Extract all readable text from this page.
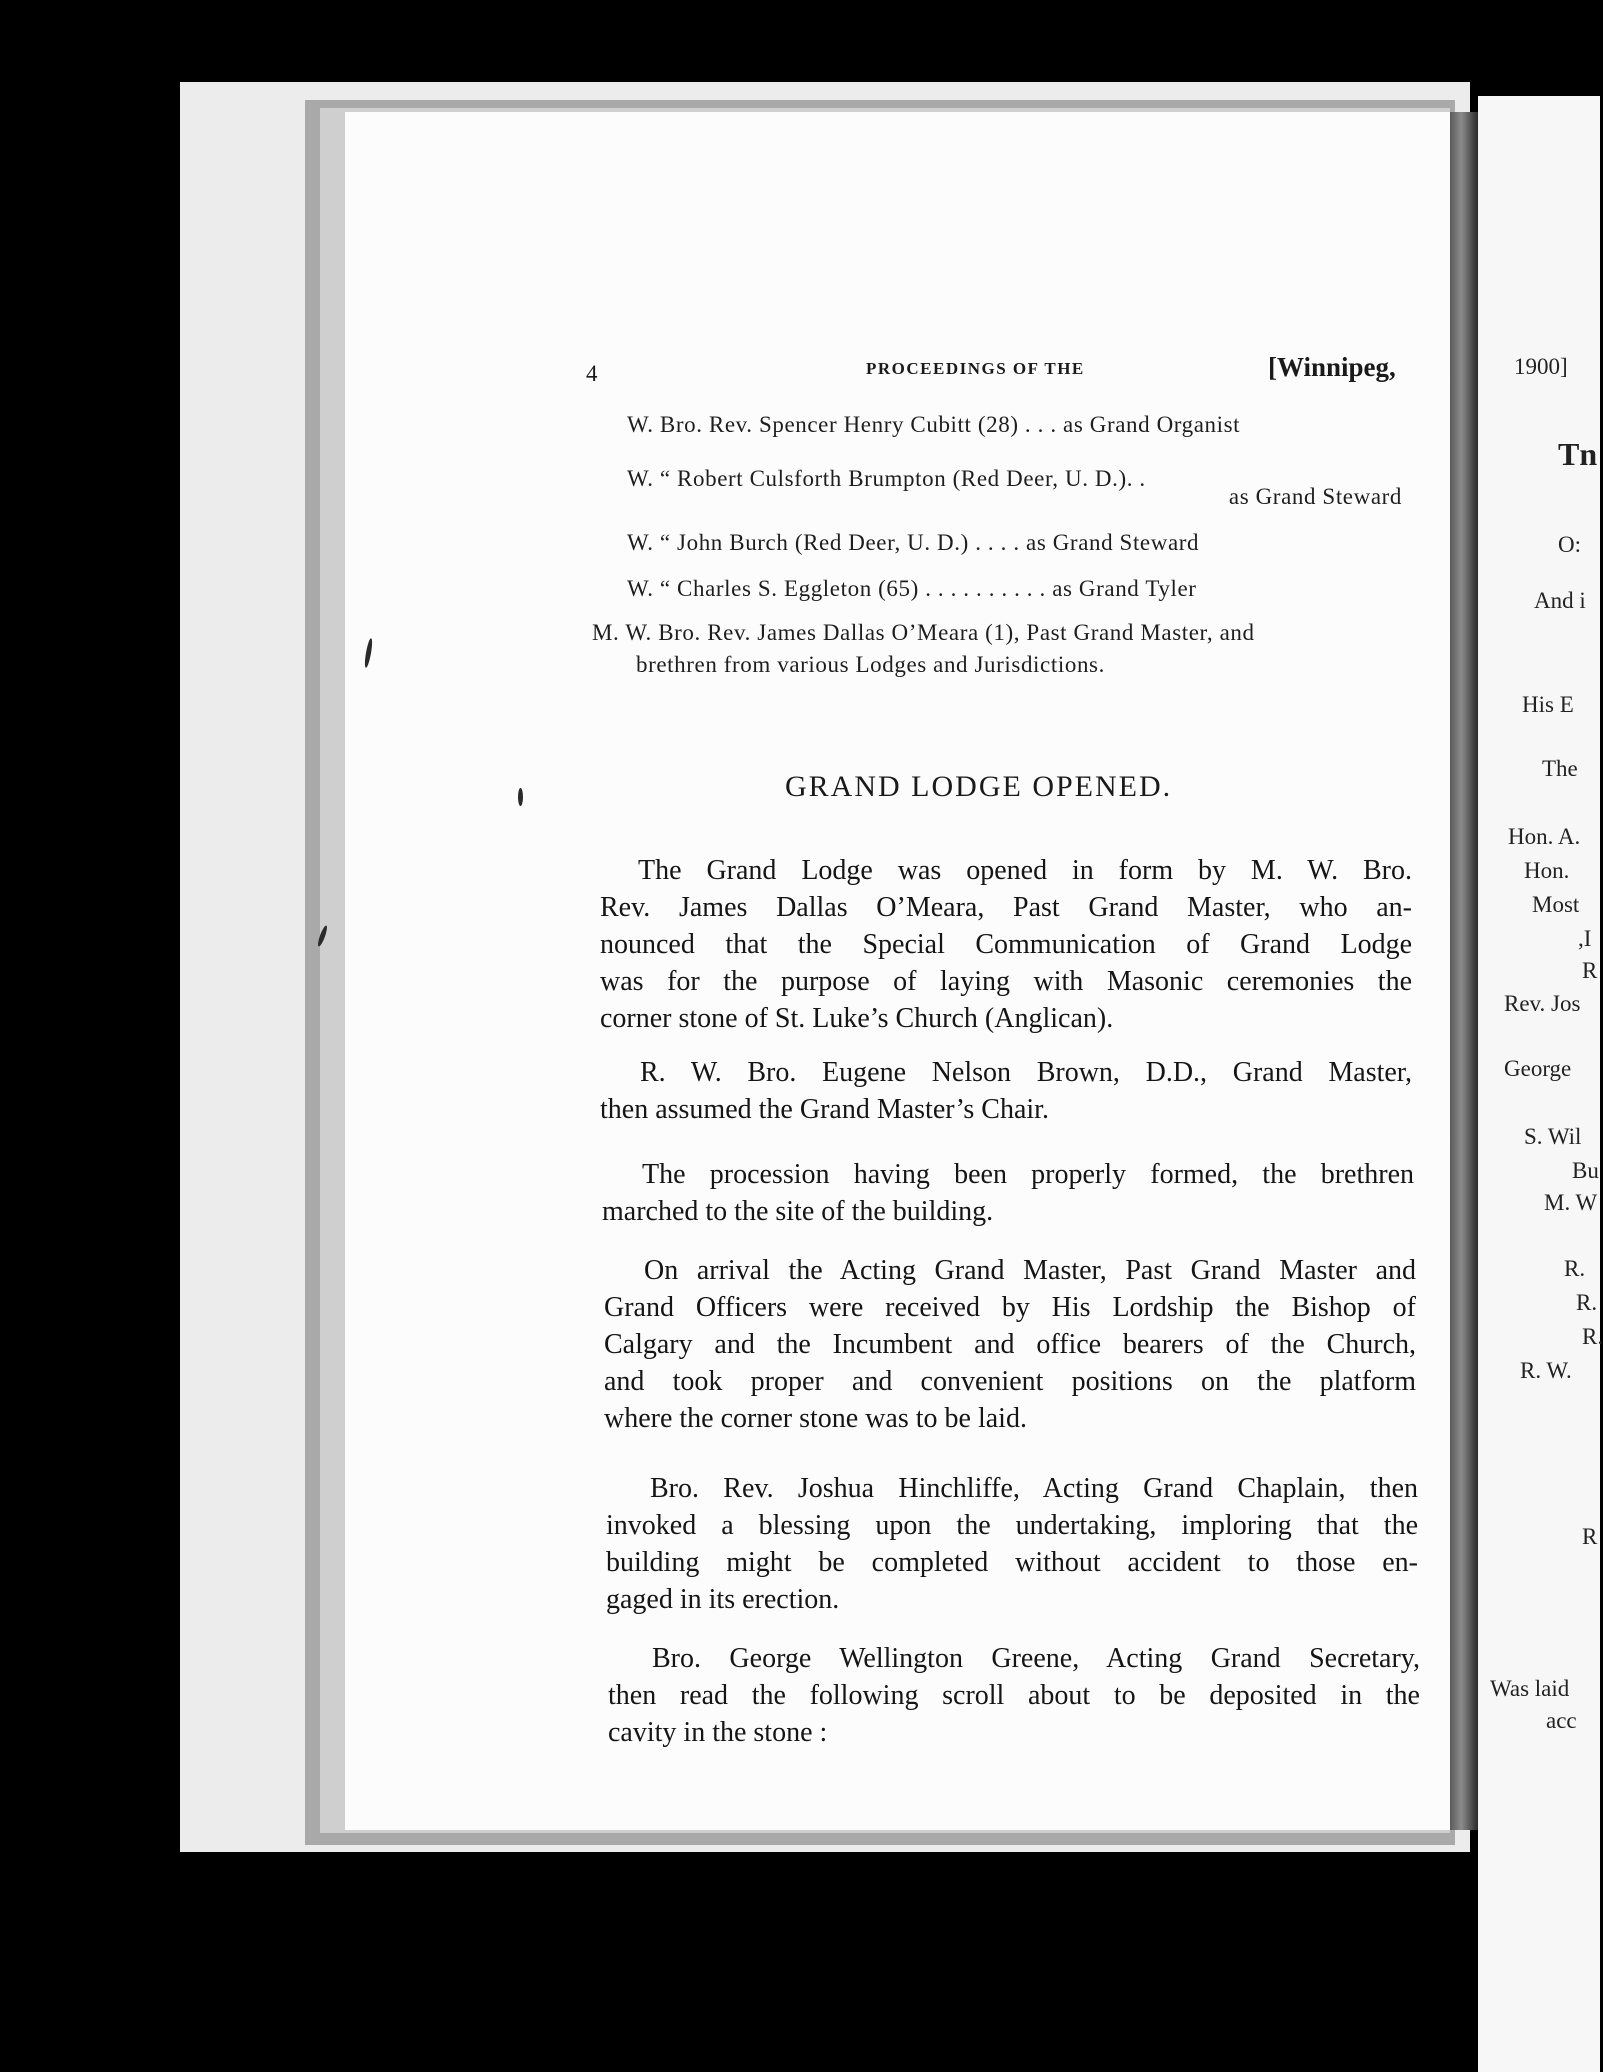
1900]
Tn
O:
And i
His E
The
Hon. A.
Hon.
Most
,I
R
Rev. Jos
George
S. Wil
Bu
M. W
R.
R.
R.
R. W.
R
Was laid
acc
4	PROCEEDINGS OF THE	[Winnipeg,
W. Bro. Rev. Spencer Henry Cubitt (28) . . . as Grand Organist
W. “ Robert Culsforth Brumpton (Red Deer, U. D.). .
as Grand Steward
W. “ John Burch (Red Deer, U. D.) . . . . as Grand Steward
W. “ Charles S. Eggleton (65) . . . . . . . . . . as Grand Tyler
M. W. Bro. Rev. James Dallas O’Meara (1), Past Grand Master, and
brethren from various Lodges and Jurisdictions.
GRAND LODGE OPENED.
The Grand Lodge was opened in form by M. W. Bro.
Rev. James Dallas O’Meara, Past Grand Master, who an-
nounced that the Special Communication of Grand Lodge
was for the purpose of laying with Masonic ceremonies the
corner stone of St. Luke’s Church (Anglican).
R. W. Bro. Eugene Nelson Brown, D.D., Grand Master,
then assumed the Grand Master’s Chair.
The procession having been properly formed, the brethren
marched to the site of the building.
On arrival the Acting Grand Master, Past Grand Master and
Grand Officers were received by His Lordship the Bishop of
Calgary and the Incumbent and office bearers of the Church,
and took proper and convenient positions on the platform
where the corner stone was to be laid.
Bro. Rev. Joshua Hinchliffe, Acting Grand Chaplain, then
invoked a blessing upon the undertaking, imploring that the
building might be completed without accident to those en-
gaged in its erection.
Bro. George Wellington Greene, Acting Grand Secretary,
then read the following scroll about to be deposited in the
cavity in the stone :
